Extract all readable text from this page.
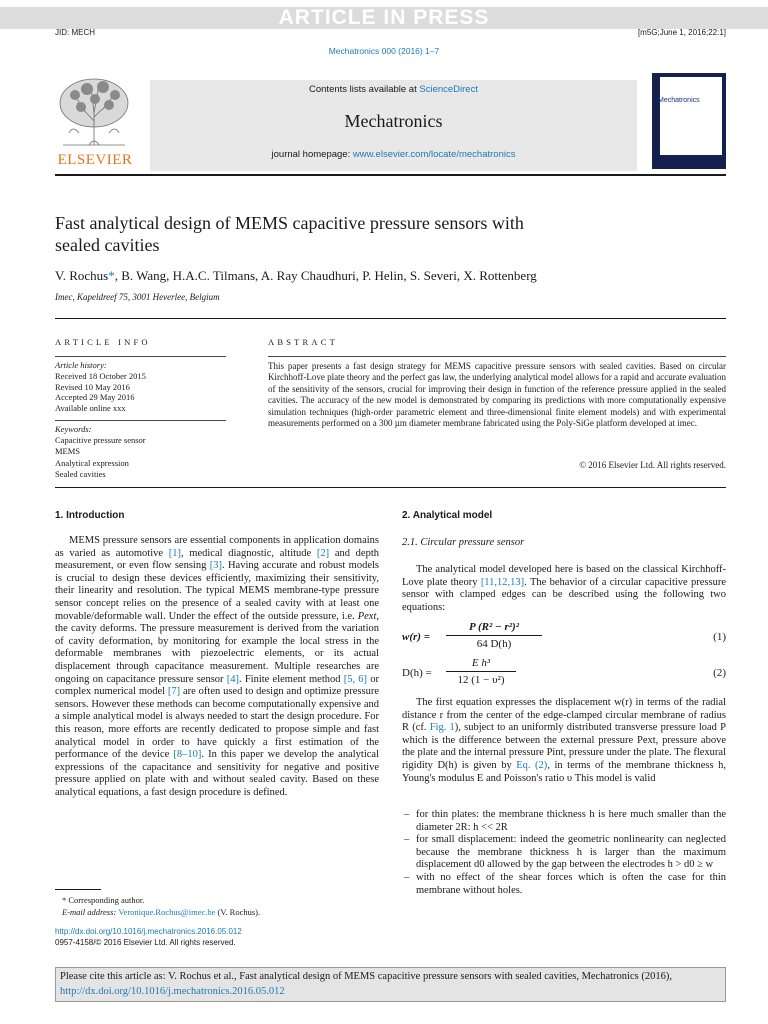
ARTICLE IN PRESS
JID: MECH	[m5G;June 1, 2016;22:1]
Mechatronics 000 (2016) 1–7
ELSEVIER
Contents lists available at ScienceDirect
Mechatronics
journal homepage: www.elsevier.com/locate/mechatronics
Mechatronics
Fast analytical design of MEMS capacitive pressure sensors with
sealed cavities
V. Rochus*, B. Wang, H.A.C. Tilmans, A. Ray Chaudhuri, P. Helin, S. Severi, X. Rottenberg
Imec, Kapeldreef 75, 3001 Heverlee, Belgium
ARTICLE INFO	ABSTRACT
Article history:
Received 18 October 2015
Revised 10 May 2016
Accepted 29 May 2016
Available online xxx
Keywords:
Capacitive pressure sensor
MEMS
Analytical expression
Sealed cavities
This paper presents a fast design strategy for MEMS capacitive pressure sensors with sealed cavities. Based on circular Kirchhoff-Love plate theory and the perfect gas law, the underlying analytical model allows for a rapid and accurate evaluation of the sensitivity of the sensors, crucial for improving their design in function of the reference pressure applied in the sealed cavities. The accuracy of the new model is demonstrated by comparing its predictions with more computationally expensive simulation techniques (high-order parametric element and three-dimensional finite element models) and with experimental measurements performed on a 300 µm diameter membrane fabricated using the Poly-SiGe platform developed at imec.
© 2016 Elsevier Ltd. All rights reserved.
1. Introduction

MEMS pressure sensors are essential components in application domains as varied as automotive [1], medical diagnostic, altitude [2] and depth measurement, or even flow sensing [3]. Having accurate and robust models is crucial to design these devices efficiently, maximizing their sensitivity, their linearity and resolution. The typical MEMS membrane-type pressure sensor concept relies on the presence of a sealed cavity with at least one movable/deformable wall. Under the effect of the outside pressure, i.e. Pext, the cavity deforms. The pressure measurement is derived from the variation of cavity deformation, by monitoring for example the local stress in the deformable membranes with piezoelectric elements, or its actual displacement through capacitance measurement. Multiple researches are ongoing on capacitance pressure sensor [4]. Finite element method [5, 6] or complex numerical model [7] are often used to design and optimize pressure sensors. However these methods can become computationally expensive and a simple analytical model is always needed to start the design procedure. For this reason, more efforts are recently dedicated to propose simple and fast analytical model in order to have quickly a first estimation of the performance of the device [8–10]. In this paper we develop the analytical expressions of the capacitance and sensitivity for negative and positive pressure applied on plate with and without sealed cavity. Based on these analytical equations, a fast design procedure is defined.

* Corresponding author.
E-mail address: Veronique.Rochus@imec.be (V. Rochus).
http://dx.doi.org/10.1016/j.mechatronics.2016.05.012
0957-4158/© 2016 Elsevier Ltd. All rights reserved.
2. Analytical model
2.1. Circular pressure sensor
The analytical model developed here is based on the classical Kirchhoff-Love plate theory [11,12,13]. The behavior of a circular capacitive pressure sensor with clamped edges can be described using the following two equations:
$w(r) = \frac{\text{P (R² − r²)²}}{64 D(h)}$	(1)
$D(h) = \frac{\text{E h³}}{\text{12 (1 − υ²)}}$	(2)
The first equation expresses the displacement w(r) in terms of the radial distance r from the center of the edge-clamped circular membrane of radius R (cf. Fig. 1), subject to an uniformly distributed transverse pressure load P which is the difference between the external pressure Pext, pressure above the plate and the internal pressure Pint, pressure under the plate. The flexural rigidity D(h) is given by Eq. (2), in terms of the membrane thickness h, Young's modulus E and Poisson's ratio υ This model is valid
– for thin plates: the membrane thickness h is here much smaller than the diameter 2R: h << 2R
– for small displacement: indeed the geometric nonlinearity can neglected because the membrane thickness h is larger than the maximum displacement d0 allowed by the gap between the electrodes h > d0 ≥ w
– with no effect of the shear forces which is often the case for thin membrane without holes.
Please cite this article as: V. Rochus et al., Fast analytical design of MEMS capacitive pressure sensors with sealed cavities, Mechatronics (2016), http://dx.doi.org/10.1016/j.mechatronics.2016.05.012
